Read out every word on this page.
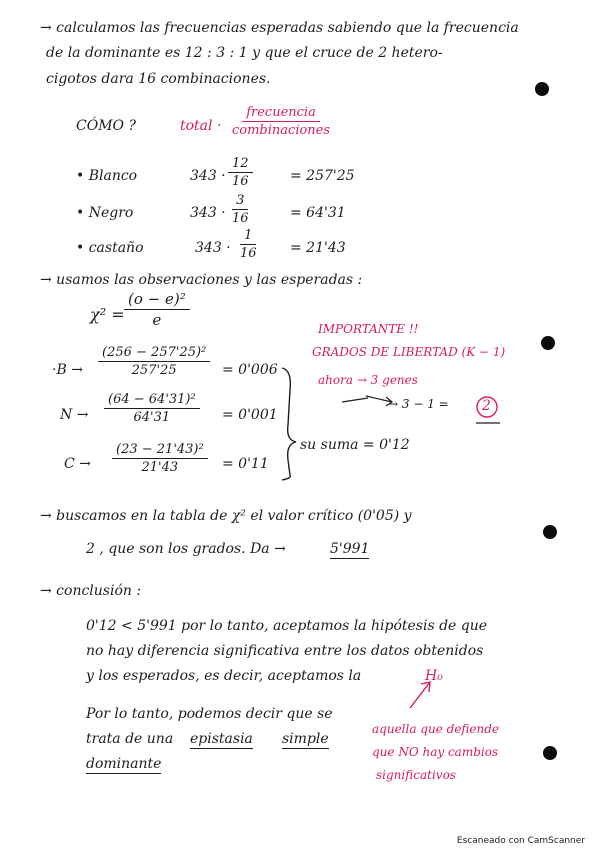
→ calculamos las frecuencias esperadas sabiendo que la frecuencia
de la dominante es 12 : 3 : 1 y que el cruce de 2 hetero-
cigotos dara 16 combinaciones.
CÓMO ?	total ·
frecuencia
combinaciones
• Blanco	$343 \cdot \frac{12}{16}$	= 257'25
• Negro	$343 \cdot \frac{3}{16}$	= 64'31
• castaño	$343 \cdot \frac{1}{16} = 21'43$
→ usamos las observaciones y las esperadas :
$\chi^2 = \frac{\text{(o − e)²}}{e}$
$\cdot B \to \frac{\text{(256 − 257'25)²}}{257'25} = 0'006$
$N \to \frac{\text{(64 − 64'31)²}}{64'31} = 0'001$
$C \to \frac{\text{(23 − 21'43)²}}{21'43} = 0'11$
su suma = 0'12
IMPORTANTE !!
GRADOS DE LIBERTAD (K − 1)
ahora → 3 genes
→ 3 − 1 = 2
→ buscamos en la tabla de χ² el valor crítico (0'05) y
2 , que son los grados. Da →	5'991
→ conclusión :
0'12 < 5'991 por lo tanto, aceptamos la hipótesis de que
no hay diferencia significativa entre los datos obtenidos
y los esperados, es decir, aceptamos la	H₀
Por lo tanto, podemos decir que se
trata de una epistasia simple
dominante
aquella que defiende
que NO hay cambios
significativos
Escaneado con CamScanner
